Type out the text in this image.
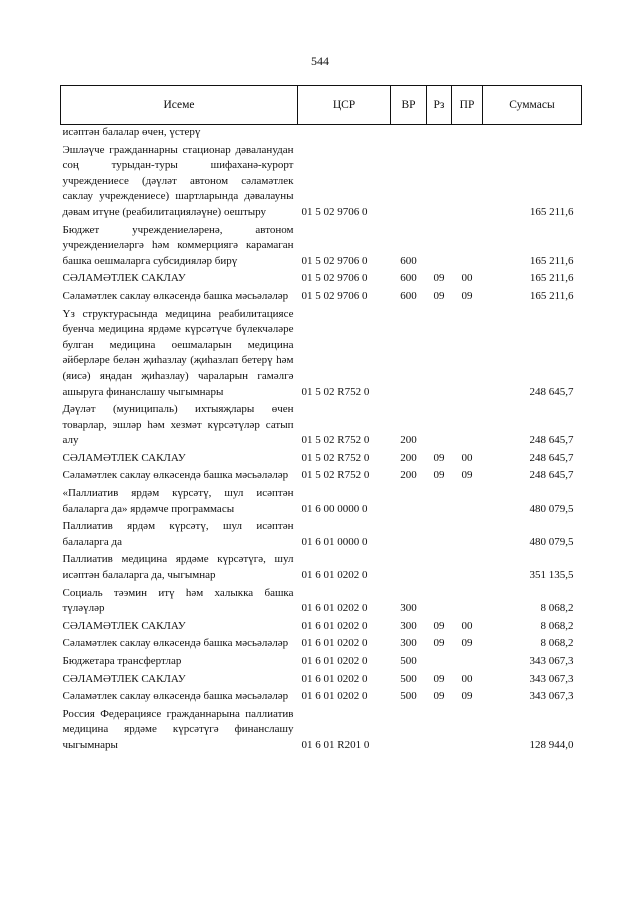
544
Исеме	ЦСР	ВР	Рз	ПР	Суммасы
исәптән балалар өчен, үстерү					
Эшләүче гражданнарны стационар дәваланудан соң турыдан-туры шифаханә-курорт учреждениесе (дәүләт автоном сәламәтлек саклау учреждениесе) шартларында дәвалауны дәвам итүне (реабилитацияләүне) оештыру	01 5 02 9706 0				165 211,6
Бюджет учреждениеләренә, автоном учреждениеләргә һәм коммерциягә карамаган башка оешмаларга субсидияләр бирү	01 5 02 9706 0	600			165 211,6
СӘЛАМӘТЛЕК САКЛАУ	01 5 02 9706 0	600	09	00	165 211,6
Сәламәтлек саклау өлкәсендә башка мәсьәләләр	01 5 02 9706 0	600	09	09	165 211,6
Үз структурасында медицина реабилитациясе буенча медицина ярдәме күрсәтүче бүлекчәләре булган медицина оешмаларын медицина әйберләре белән җиһазлау (җиһазлап бетерү һәм (яисә) яңадан җиһазлау) чараларын гамәлгә ашыруга финанслашу чыгымнары	01 5 02 R752 0				248 645,7
Дәүләт (муниципаль) ихтыяҗлары өчен товарлар, эшләр һәм хезмәт күрсәтүләр сатып алу	01 5 02 R752 0	200			248 645,7
СӘЛАМӘТЛЕК САКЛАУ	01 5 02 R752 0	200	09	00	248 645,7
Сәламәтлек саклау өлкәсендә башка мәсьәләләр	01 5 02 R752 0	200	09	09	248 645,7
«Паллиатив ярдәм күрсәтү, шул исәптән балаларга да» ярдәмче программасы	01 6 00 0000 0				480 079,5
Паллиатив ярдәм күрсәтү, шул исәптән балаларга да	01 6 01 0000 0				480 079,5
Паллиатив медицина ярдәме күрсәтүгә, шул исәптән балаларга да, чыгымнар	01 6 01 0202 0				351 135,5
Социаль тәэмин итү һәм халыкка башка түләүләр	01 6 01 0202 0	300			8 068,2
СӘЛАМӘТЛЕК САКЛАУ	01 6 01 0202 0	300	09	00	8 068,2
Сәламәтлек саклау өлкәсендә башка мәсьәләләр	01 6 01 0202 0	300	09	09	8 068,2
Бюджетара трансфертлар	01 6 01 0202 0	500			343 067,3
СӘЛАМӘТЛЕК САКЛАУ	01 6 01 0202 0	500	09	00	343 067,3
Сәламәтлек саклау өлкәсендә башка мәсьәләләр	01 6 01 0202 0	500	09	09	343 067,3
Россия Федерациясе гражданнарына паллиатив медицина ярдәме күрсәтүгә финанслашу чыгымнары	01 6 01 R201 0				128 944,0
